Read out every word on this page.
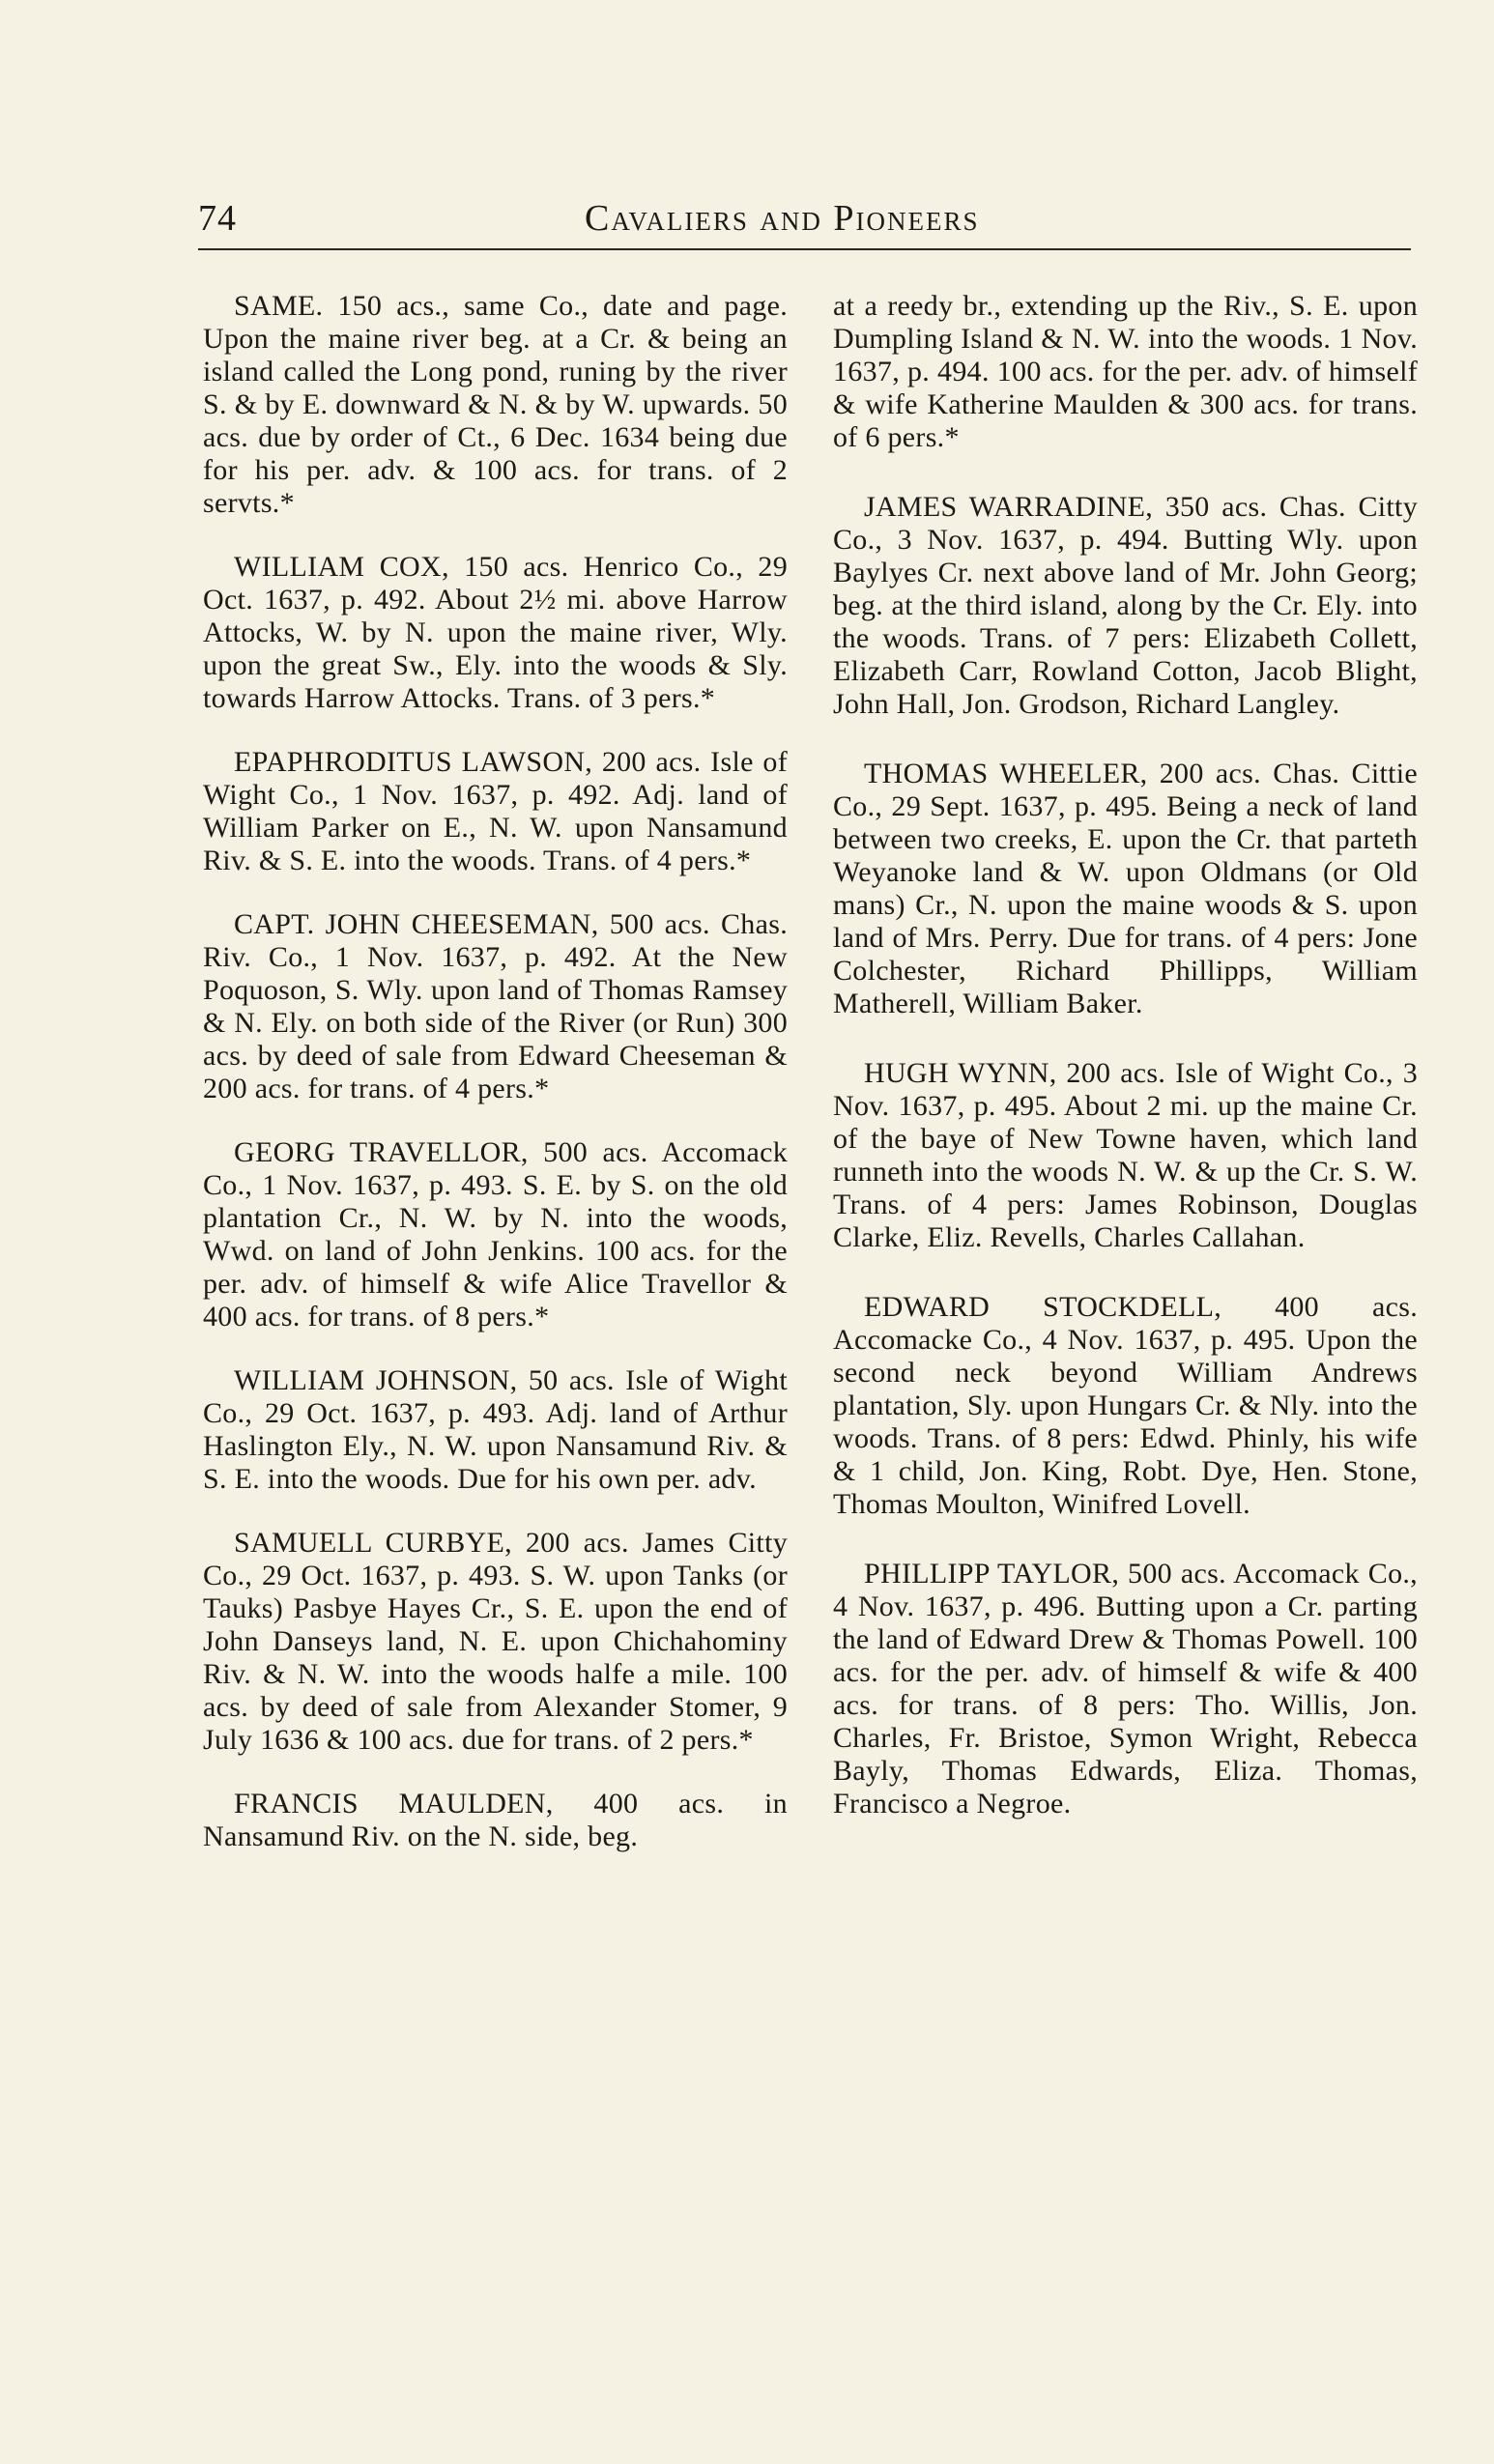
74	Cavaliers and Pioneers

SAME. 150 acs., same Co., date and page. Upon the maine river beg. at a Cr. & being an island called the Long pond, runing by the river S. & by E. downward & N. & by W. upwards. 50 acs. due by order of Ct., 6 Dec. 1634 being due for his per. adv. & 100 acs. for trans. of 2 servts.*

WILLIAM COX, 150 acs. Henrico Co., 29 Oct. 1637, p. 492. About 2½ mi. above Harrow Attocks, W. by N. upon the maine river, Wly. upon the great Sw., Ely. into the woods & Sly. towards Harrow Attocks. Trans. of 3 pers.*

EPAPHRODITUS LAWSON, 200 acs. Isle of Wight Co., 1 Nov. 1637, p. 492. Adj. land of William Parker on E., N. W. upon Nansamund Riv. & S. E. into the woods. Trans. of 4 pers.*

CAPT. JOHN CHEESEMAN, 500 acs. Chas. Riv. Co., 1 Nov. 1637, p. 492. At the New Poquoson, S. Wly. upon land of Thomas Ramsey & N. Ely. on both side of the River (or Run) 300 acs. by deed of sale from Edward Cheeseman & 200 acs. for trans. of 4 pers.*

GEORG TRAVELLOR, 500 acs. Accomack Co., 1 Nov. 1637, p. 493. S. E. by S. on the old plantation Cr., N. W. by N. into the woods, Wwd. on land of John Jenkins. 100 acs. for the per. adv. of himself & wife Alice Travellor & 400 acs. for trans. of 8 pers.*

WILLIAM JOHNSON, 50 acs. Isle of Wight Co., 29 Oct. 1637, p. 493. Adj. land of Arthur Haslington Ely., N. W. upon Nansamund Riv. & S. E. into the woods. Due for his own per. adv.

SAMUELL CURBYE, 200 acs. James Citty Co., 29 Oct. 1637, p. 493. S. W. upon Tanks (or Tauks) Pasbye Hayes Cr., S. E. upon the end of John Danseys land, N. E. upon Chichahominy Riv. & N. W. into the woods halfe a mile. 100 acs. by deed of sale from Alexander Stomer, 9 July 1636 & 100 acs. due for trans. of 2 pers.*

FRANCIS MAULDEN, 400 acs. in Nansamund Riv. on the N. side, beg.

at a reedy br., extending up the Riv., S. E. upon Dumpling Island & N. W. into the woods. 1 Nov. 1637, p. 494. 100 acs. for the per. adv. of himself & wife Katherine Maulden & 300 acs. for trans. of 6 pers.*

JAMES WARRADINE, 350 acs. Chas. Citty Co., 3 Nov. 1637, p. 494. Butting Wly. upon Baylyes Cr. next above land of Mr. John Georg; beg. at the third island, along by the Cr. Ely. into the woods. Trans. of 7 pers: Elizabeth Collett, Elizabeth Carr, Rowland Cotton, Jacob Blight, John Hall, Jon. Grodson, Richard Langley.

THOMAS WHEELER, 200 acs. Chas. Cittie Co., 29 Sept. 1637, p. 495. Being a neck of land between two creeks, E. upon the Cr. that parteth Weyanoke land & W. upon Oldmans (or Old mans) Cr., N. upon the maine woods & S. upon land of Mrs. Perry. Due for trans. of 4 pers: Jone Colchester, Richard Phillipps, William Matherell, William Baker.

HUGH WYNN, 200 acs. Isle of Wight Co., 3 Nov. 1637, p. 495. About 2 mi. up the maine Cr. of the baye of New Towne haven, which land runneth into the woods N. W. & up the Cr. S. W. Trans. of 4 pers: James Robinson, Douglas Clarke, Eliz. Revells, Charles Callahan.

EDWARD STOCKDELL, 400 acs. Accomacke Co., 4 Nov. 1637, p. 495. Upon the second neck beyond William Andrews plantation, Sly. upon Hungars Cr. & Nly. into the woods. Trans. of 8 pers: Edwd. Phinly, his wife & 1 child, Jon. King, Robt. Dye, Hen. Stone, Thomas Moulton, Winifred Lovell.

PHILLIPP TAYLOR, 500 acs. Accomack Co., 4 Nov. 1637, p. 496. Butting upon a Cr. parting the land of Edward Drew & Thomas Powell. 100 acs. for the per. adv. of himself & wife & 400 acs. for trans. of 8 pers: Tho. Willis, Jon. Charles, Fr. Bristoe, Symon Wright, Rebecca Bayly, Thomas Edwards, Eliza. Thomas, Francisco a Negroe.
